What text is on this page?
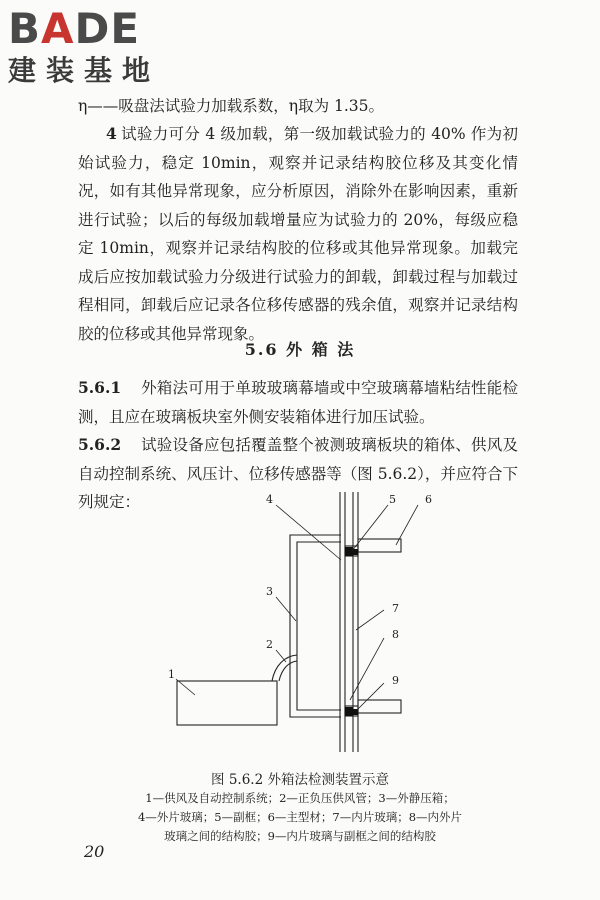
BADE
建装基地
η——吸盘法试验力加载系数，η取为 1.35。
4 试验力可分 4 级加载，第一级加载试验力的 40% 作为初始试验力，稳定 10min，观察并记录结构胶位移及其变化情况，如有其他异常现象，应分析原因，消除外在影响因素，重新进行试验；以后的每级加载增量应为试验力的 20%，每级应稳定 10min，观察并记录结构胶的位移或其他异常现象。加载完成后应按加载试验力分级进行试验力的卸载，卸载过程与加载过程相同，卸载后应记录各位移传感器的残余值，观察并记录结构胶的位移或其他异常现象。
5.6 外 箱 法
5.6.1　 外箱法可用于单玻玻璃幕墙或中空玻璃幕墙粘结性能检测，且应在玻璃板块室外侧安装箱体进行加压试验。
5.6.2　 试验设备应包括覆盖整个被测玻璃板块的箱体、供风及自动控制系统、风压计、位移传感器等（图 5.6.2），并应符合下列规定：
1
2
3
4	5	6
7
8
9
图 5.6.2 外箱法检测装置示意
1—供风及自动控制系统；2—正负压供风管；3—外静压箱；
4—外片玻璃；5—副框；6—主型材；7—内片玻璃；8—内外片
玻璃之间的结构胶；9—内片玻璃与副框之间的结构胶
20
